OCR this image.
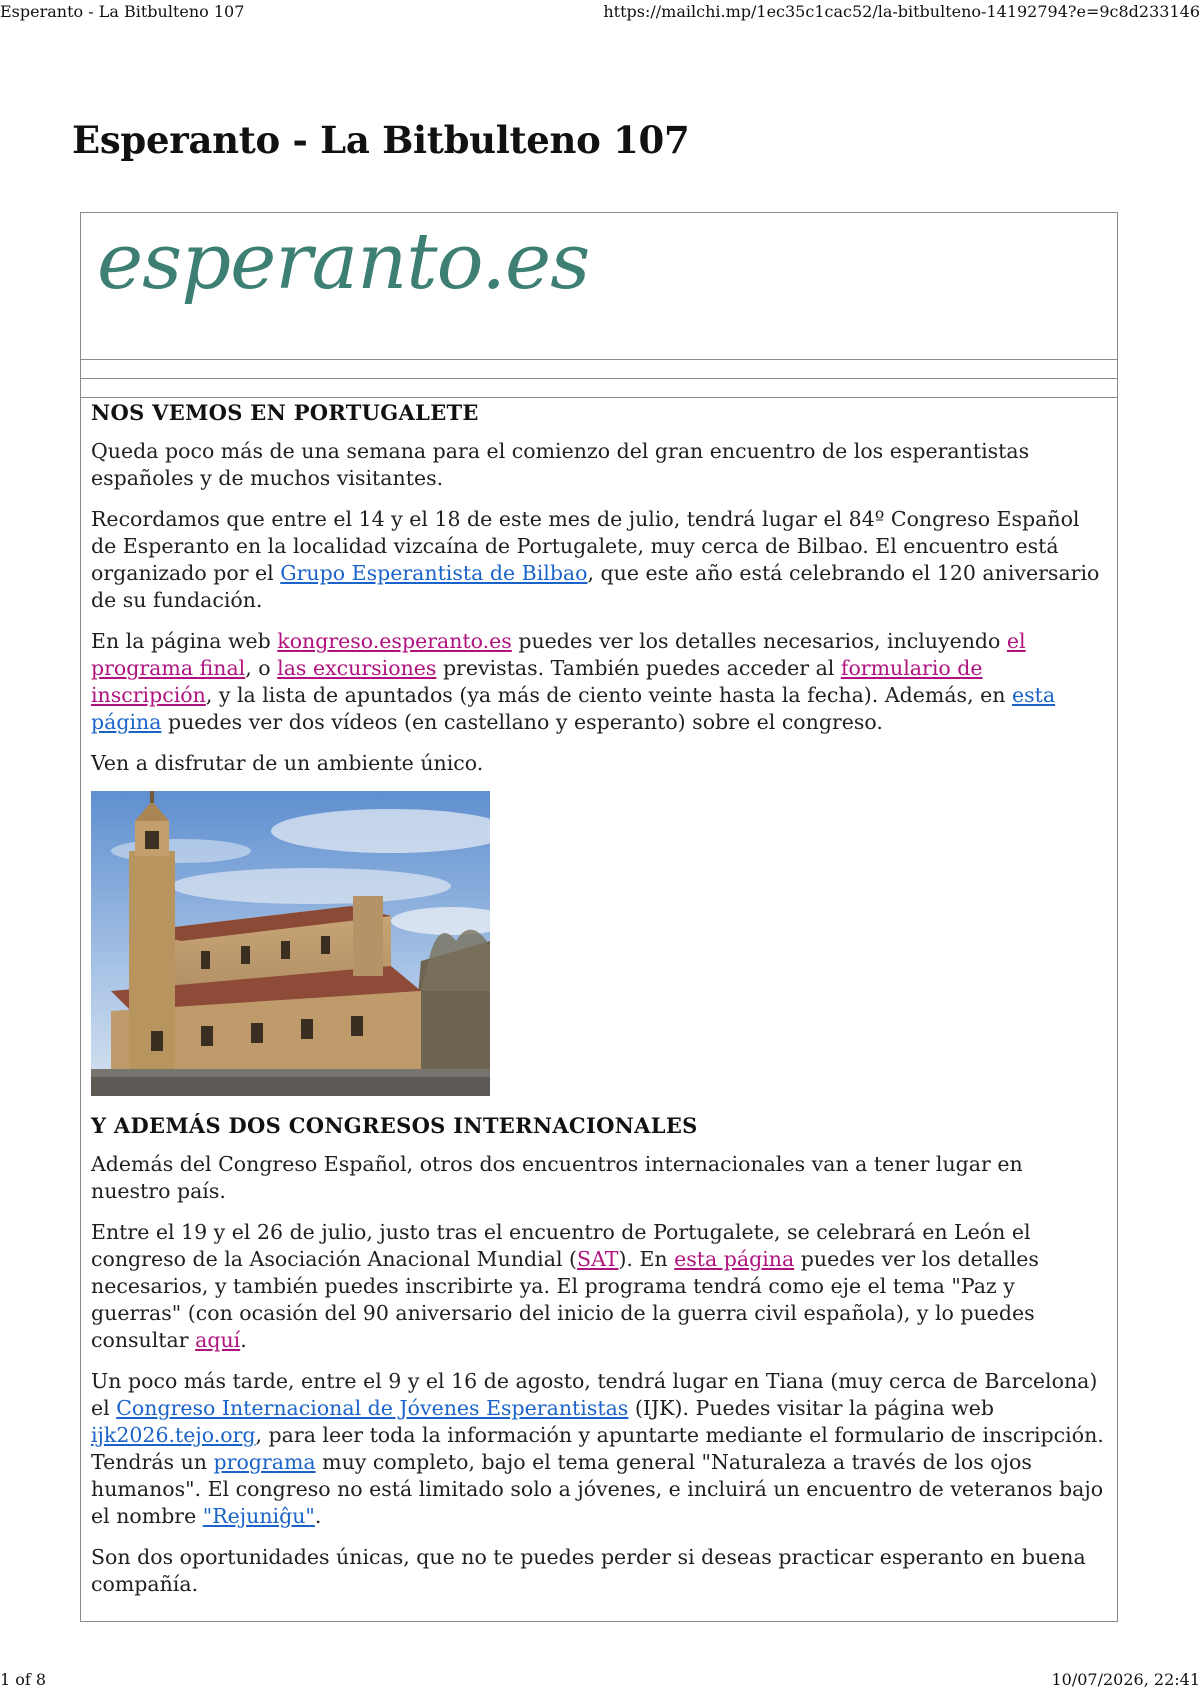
Esperanto - La Bitbulteno 107	https://mailchi.mp/1ec35c1cac52/la-bitbulteno-14192794?e=9c8d233146
Esperanto - La Bitbulteno 107
esperanto.es
NOS VEMOS EN PORTUGALETE

Queda poco más de una semana para el comienzo del gran encuentro de los esperantistas españoles y de muchos visitantes.

Recordamos que entre el 14 y el 18 de este mes de julio, tendrá lugar el 84º Congreso Español de Esperanto en la localidad vizcaína de Portugalete, muy cerca de Bilbao. El encuentro está organizado por el Grupo Esperantista de Bilbao, que este año está celebrando el 120 aniversario de su fundación.

En la página web kongreso.esperanto.es puedes ver los detalles necesarios, incluyendo el programa final, o las excursiones previstas. También puedes acceder al formulario de inscripción, y la lista de apuntados (ya más de ciento veinte hasta la fecha). Además, en esta página puedes ver dos vídeos (en castellano y esperanto) sobre el congreso.

Ven a disfrutar de un ambiente único.

Y ADEMÁS DOS CONGRESOS INTERNACIONALES

Además del Congreso Español, otros dos encuentros internacionales van a tener lugar en nuestro país.

Entre el 19 y el 26 de julio, justo tras el encuentro de Portugalete, se celebrará en León el congreso de la Asociación Anacional Mundial (SAT). En esta página puedes ver los detalles necesarios, y también puedes inscribirte ya. El programa tendrá como eje el tema "Paz y guerras" (con ocasión del 90 aniversario del inicio de la guerra civil española), y lo puedes consultar aquí.

Un poco más tarde, entre el 9 y el 16 de agosto, tendrá lugar en Tiana (muy cerca de Barcelona) el Congreso Internacional de Jóvenes Esperantistas (IJK). Puedes visitar la página web ijk2026.tejo.org, para leer toda la información y apuntarte mediante el formulario de inscripción. Tendrás un programa muy completo, bajo el tema general "Naturaleza a través de los ojos humanos". El congreso no está limitado solo a jóvenes, e incluirá un encuentro de veteranos bajo el nombre "Rejuniĝu".

Son dos oportunidades únicas, que no te puedes perder si deseas practicar esperanto en buena compañía.

1 of 8	10/07/2026, 22:41
